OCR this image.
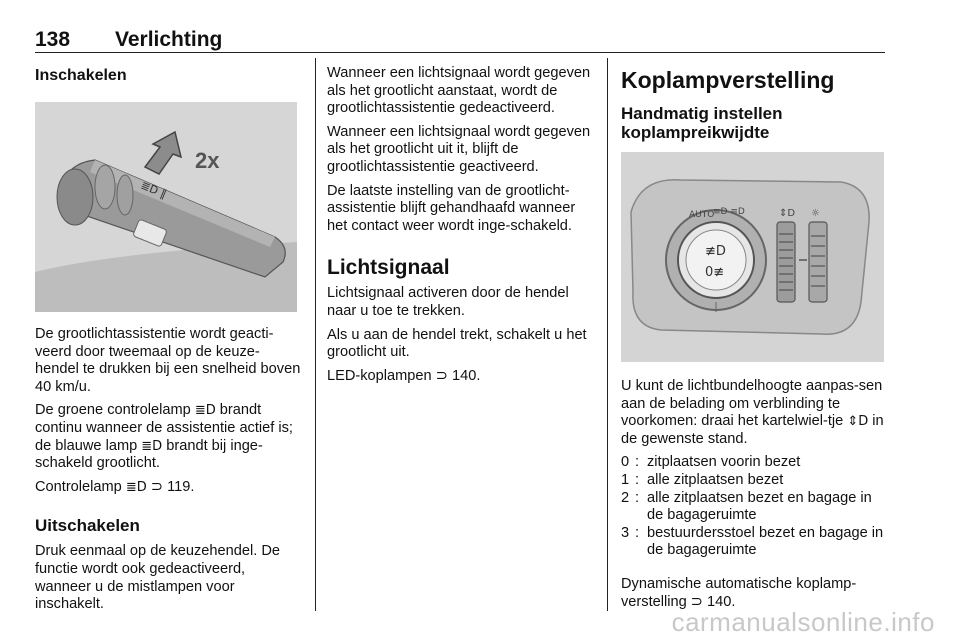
138 Verlichting
Inschakelen
≣D ‖
2x

De grootlichtassistentie wordt geacti-veerd door tweemaal op de keuze-hendel te drukken bij een snelheid boven 40 km/u.

De groene controlelamp ≣D brandt continu wanneer de assistentie actief is; de blauwe lamp ≣D brandt bij inge-schakeld grootlicht.

Controlelamp ≣D ⊃ 119.

Uitschakelen

Druk eenmaal op de keuzehendel. De functie wordt ook gedeactiveerd, wanneer u de mistlampen voor inschakelt.

Wanneer een lichtsignaal wordt gegeven als het grootlicht aanstaat, wordt de grootlichtassistentie gedeactiveerd.

Wanneer een lichtsignaal wordt gegeven als het grootlicht uit it, blijft de grootlichtassistentie geactiveerd.

De laatste instelling van de grootlicht-assistentie blijft gehandhaafd wanneer het contact weer wordt inge-schakeld.

Lichtsignaal

Lichtsignaal activeren door de hendel naar u toe te trekken.

Als u aan de hendel trekt, schakelt u het grootlicht uit.

LED-koplampen ⊃ 140.

Koplampverstelling
Handmatig instellen koplampreikwijdte
AUTO
≡D ≡D
≢D
0≢
⇕D ☼

U kunt de lichtbundelhoogte aanpas-sen aan de belading om verblinding te voorkomen: draai het kartelwiel-tje ⇕D in de gewenste stand.

0 : zitplaatsen voorin bezet
1 : alle zitplaatsen bezet
2 : alle zitplaatsen bezet en bagage in de bagageruimte
3 : bestuurdersstoel bezet en bagage in de bagageruimte

Dynamische automatische koplamp-verstelling ⊃ 140.

carmanualsonline.info
